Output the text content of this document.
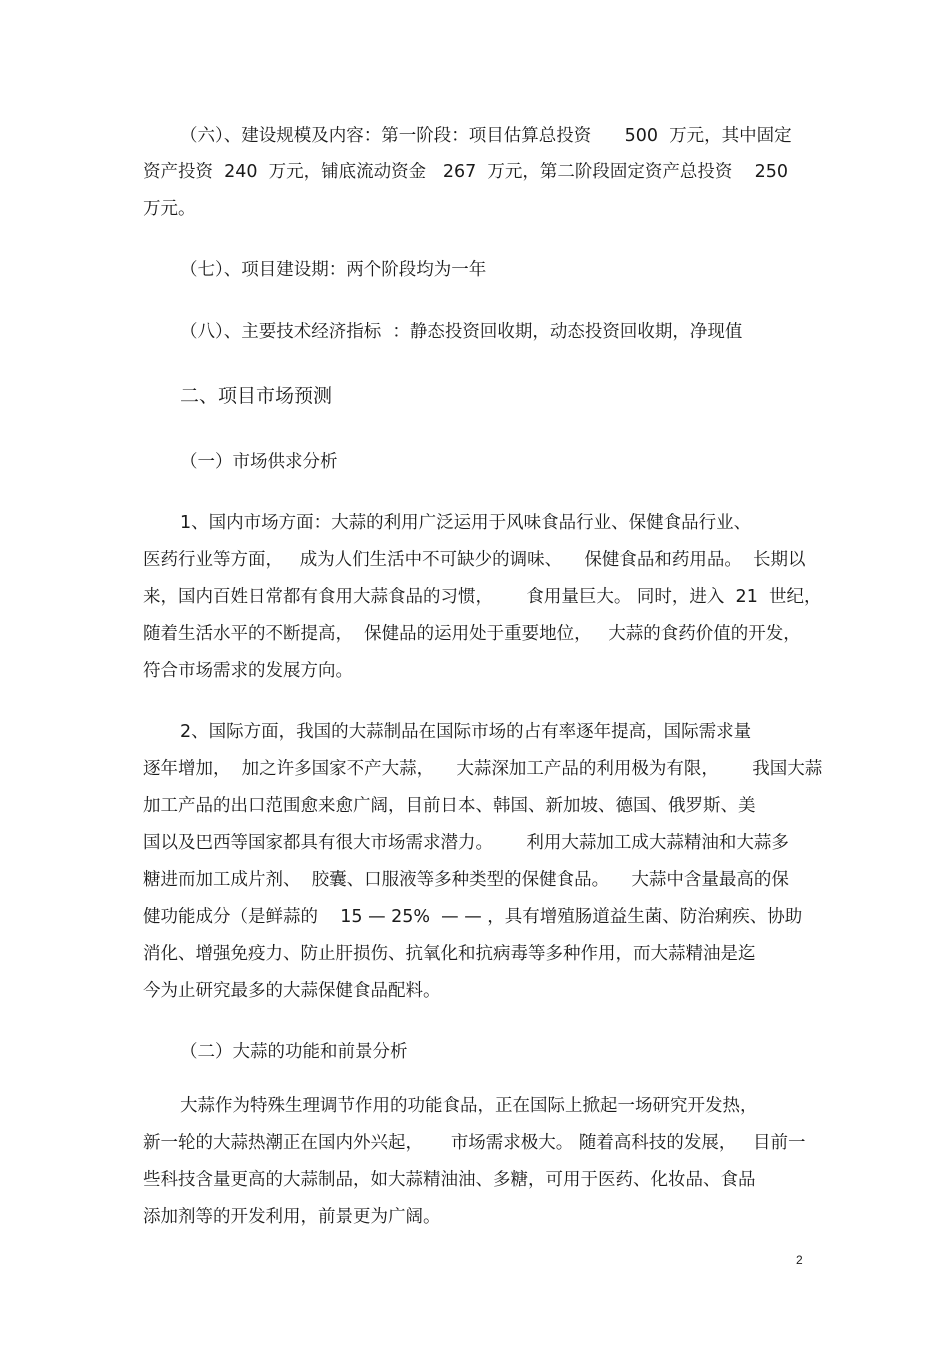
（六）、建设规模及内容：第一阶段：项目估算总投资      500  万元，其中固定
资产投资  240  万元，铺底流动资金   267  万元，第二阶段固定资产总投资    250
万元。
（七）、项目建设期：两个阶段均为一年
（八）、主要技术经济指标  ：静态投资回收期，动态投资回收期，净现值
二、项目市场预测
（一）市场供求分析
1、国内市场方面：大蒜的利用广泛运用于风味食品行业、保健食品行业、
医药行业等方面，   成为人们生活中不可缺少的调味、    保健食品和药用品。  长期以
来，国内百姓日常都有食用大蒜食品的习惯，      食用量巨大。 同时，进入  21  世纪，
随着生活水平的不断提高，  保健品的运用处于重要地位，   大蒜的食药价值的开发，
符合市场需求的发展方向。
2、国际方面，我国的大蒜制品在国际市场的占有率逐年提高，国际需求量
逐年增加，  加之许多国家不产大蒜，    大蒜深加工产品的利用极为有限，      我国大蒜
加工产品的出口范围愈来愈广阔，目前日本、韩国、新加坡、德国、俄罗斯、美
国以及巴西等国家都具有很大市场需求潜力。      利用大蒜加工成大蒜精油和大蒜多
糖进而加工成片剂、  胶囊、口服液等多种类型的保健食品。    大蒜中含量最高的保
健功能成分（是鲜蒜的    15 — 25%  — — ，具有增殖肠道益生菌、防治痢疾、协助
消化、增强免疫力、防止肝损伤、抗氧化和抗病毒等多种作用，而大蒜精油是迄
今为止研究最多的大蒜保健食品配料。
（二）大蒜的功能和前景分析
大蒜作为特殊生理调节作用的功能食品，正在国际上掀起一场研究开发热，
新一轮的大蒜热潮正在国内外兴起，     市场需求极大。 随着高科技的发展，   目前一
些科技含量更高的大蒜制品，如大蒜精油油、多糖，可用于医药、化妆品、食品
添加剂等的开发利用，前景更为广阔。
2
